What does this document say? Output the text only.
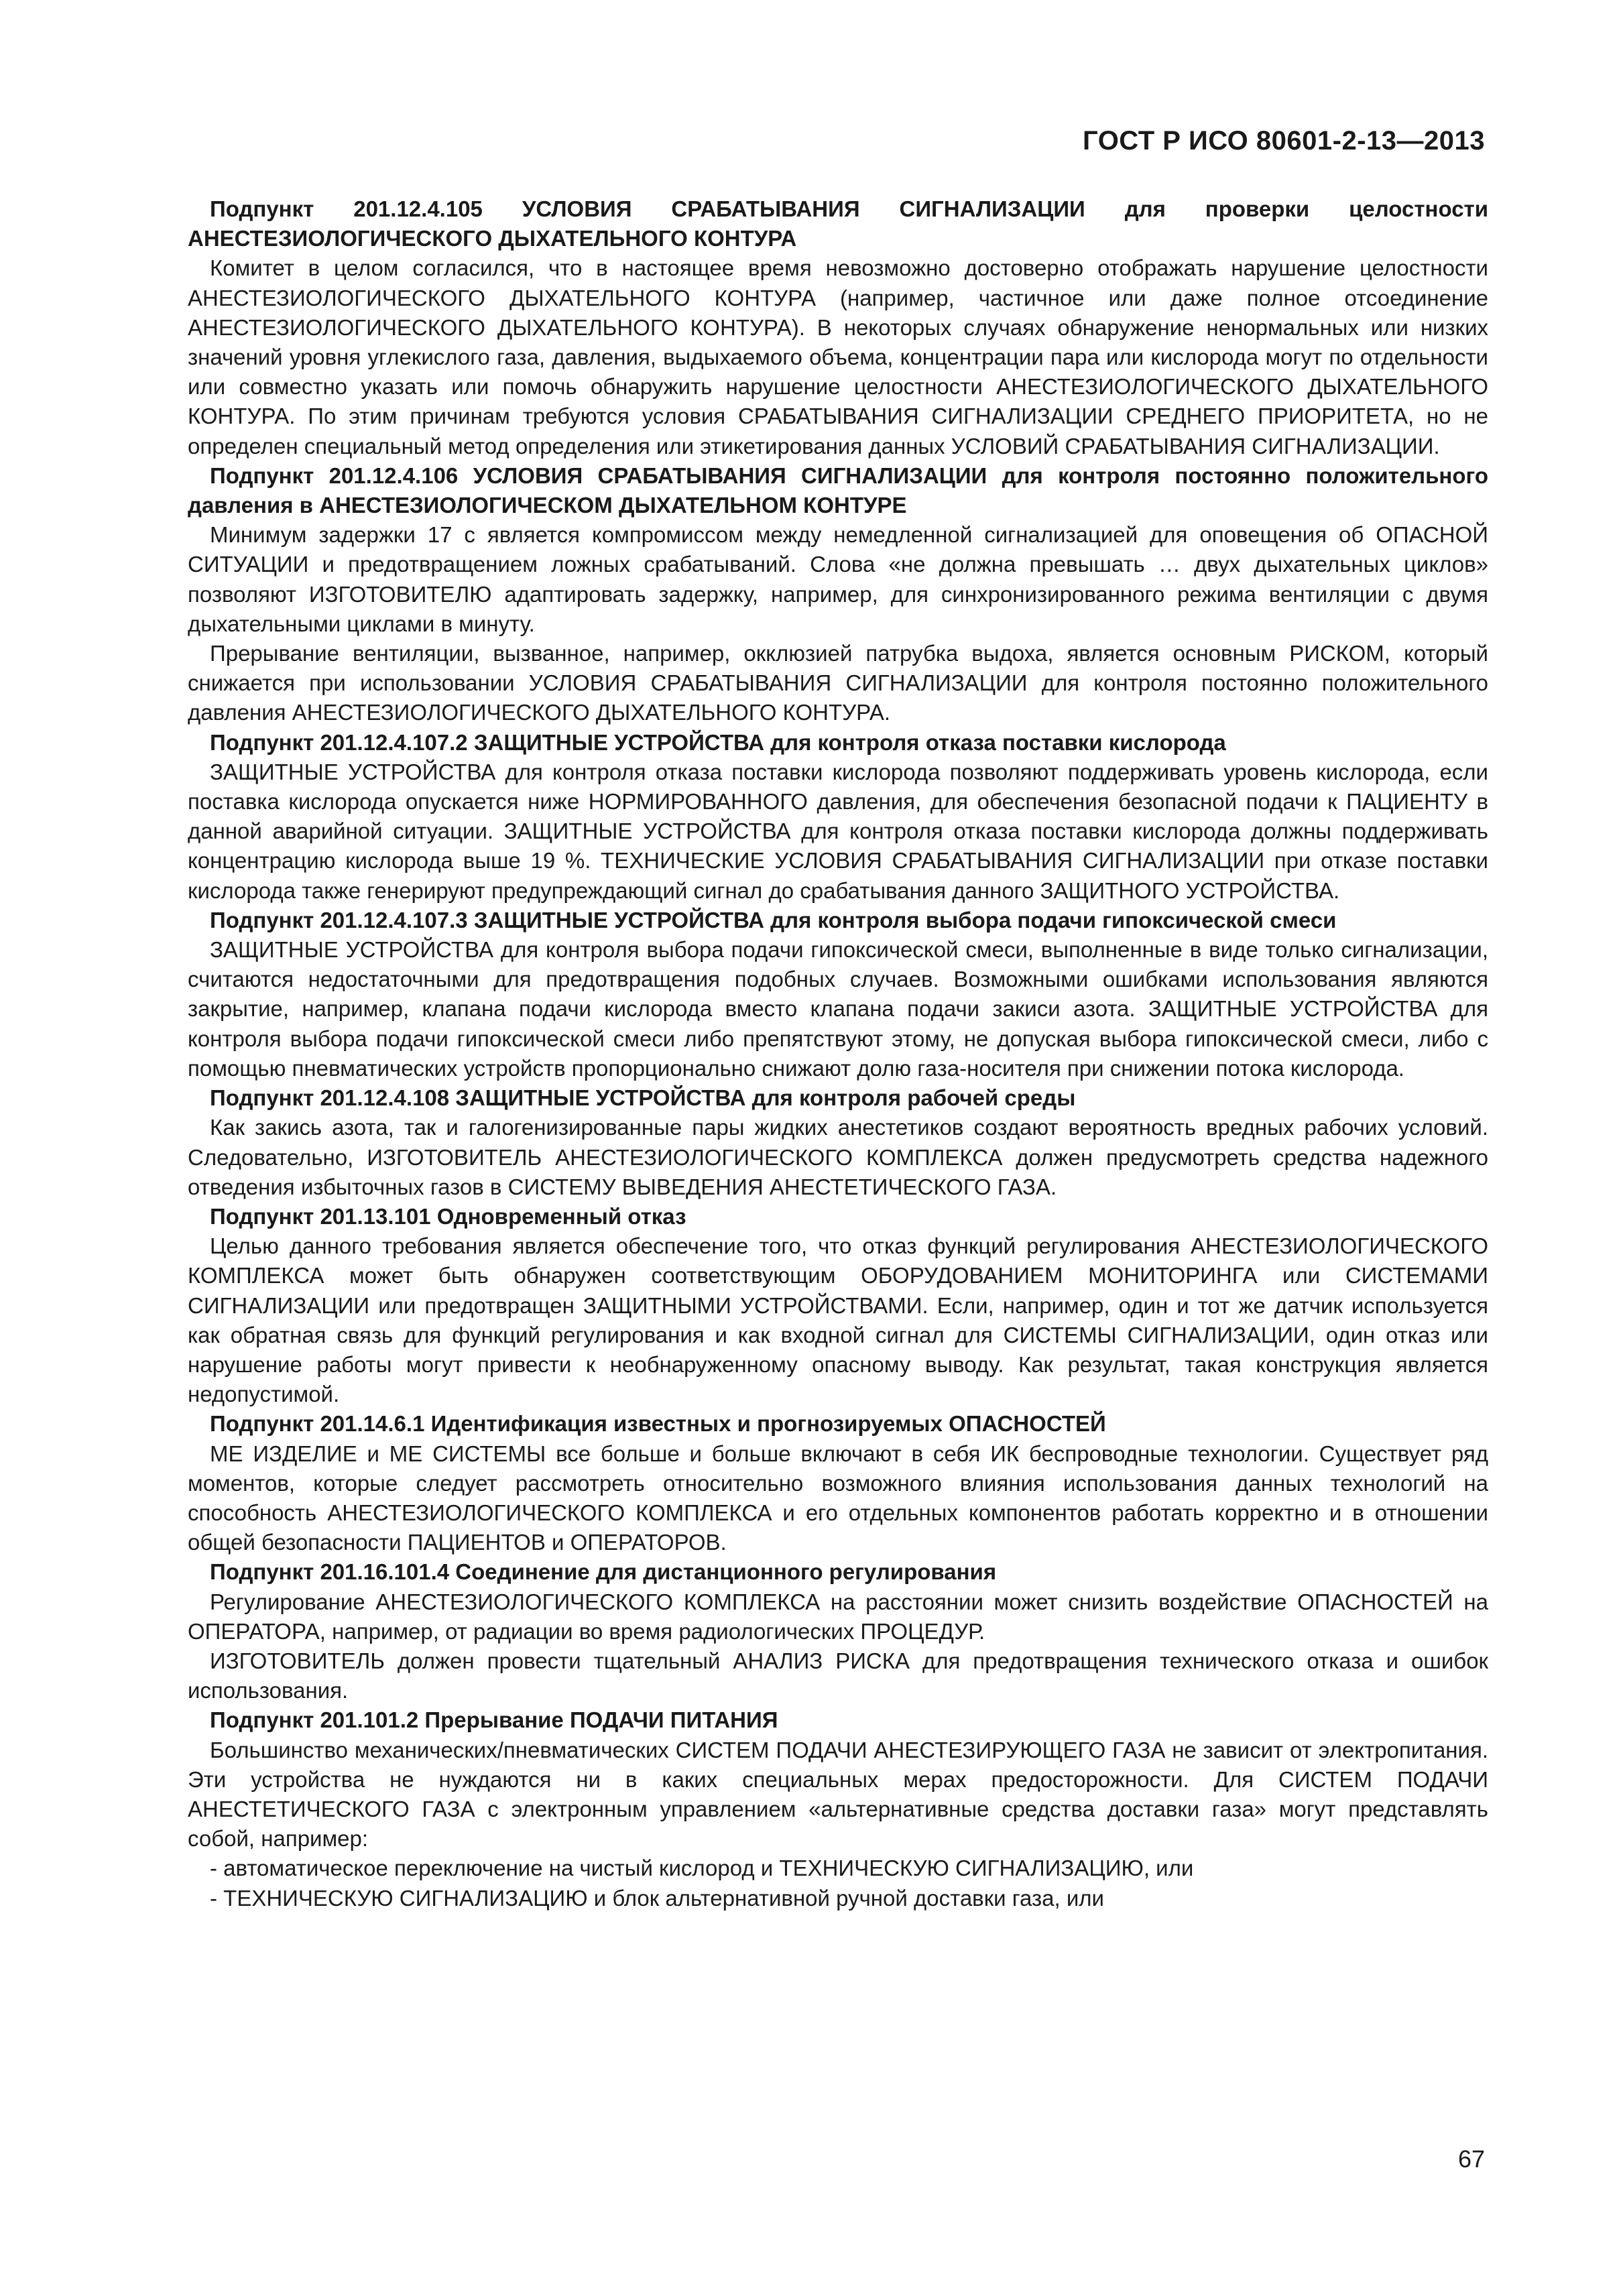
ГОСТ Р ИСО 80601-2-13—2013

Подпункт 201.12.4.105 УСЛОВИЯ СРАБАТЫВАНИЯ СИГНАЛИЗАЦИИ для проверки целостности АНЕСТЕЗИОЛОГИЧЕСКОГО ДЫХАТЕЛЬНОГО КОНТУРА

Комитет в целом согласился, что в настоящее время невозможно достоверно отображать нарушение целостности АНЕСТЕЗИОЛОГИЧЕСКОГО ДЫХАТЕЛЬНОГО КОНТУРА (например, частичное или даже полное отсоединение АНЕСТЕЗИОЛОГИЧЕСКОГО ДЫХАТЕЛЬНОГО КОНТУРА). В некоторых случаях обнаружение ненормальных или низких значений уровня углекислого газа, давления, выдыхаемого объема, концентрации пара или кислорода могут по отдельности или совместно указать или помочь обнаружить нарушение целостности АНЕСТЕЗИОЛОГИЧЕСКОГО ДЫХАТЕЛЬНОГО КОНТУРА. По этим причинам требуются условия СРАБАТЫВАНИЯ СИГНАЛИЗАЦИИ СРЕДНЕГО ПРИОРИТЕТА, но не определен специальный метод определения или этикетирования данных УСЛОВИЙ СРАБАТЫВАНИЯ СИГНАЛИЗАЦИИ.

Подпункт 201.12.4.106 УСЛОВИЯ СРАБАТЫВАНИЯ СИГНАЛИЗАЦИИ для контроля постоянно положительного давления в АНЕСТЕЗИОЛОГИЧЕСКОМ ДЫХАТЕЛЬНОМ КОНТУРЕ

Минимум задержки 17 с является компромиссом между немедленной сигнализацией для оповещения об ОПАСНОЙ СИТУАЦИИ и предотвращением ложных срабатываний. Слова «не должна превышать … двух дыхательных циклов» позволяют ИЗГОТОВИТЕЛЮ адаптировать задержку, например, для синхронизированного режима вентиляции с двумя дыхательными циклами в минуту.

Прерывание вентиляции, вызванное, например, окклюзией патрубка выдоха, является основным РИСКОМ, который снижается при использовании УСЛОВИЯ СРАБАТЫВАНИЯ СИГНАЛИЗАЦИИ для контроля постоянно положительного давления АНЕСТЕЗИОЛОГИЧЕСКОГО ДЫХАТЕЛЬНОГО КОНТУРА.

Подпункт 201.12.4.107.2 ЗАЩИТНЫЕ УСТРОЙСТВА для контроля отказа поставки кислорода

ЗАЩИТНЫЕ УСТРОЙСТВА для контроля отказа поставки кислорода позволяют поддерживать уровень кислорода, если поставка кислорода опускается ниже НОРМИРОВАННОГО давления, для обеспечения безопасной подачи к ПАЦИЕНТУ в данной аварийной ситуации. ЗАЩИТНЫЕ УСТРОЙСТВА для контроля отказа поставки кислорода должны поддерживать концентрацию кислорода выше 19 %. ТЕХНИЧЕСКИЕ УСЛОВИЯ СРАБАТЫВАНИЯ СИГНАЛИЗАЦИИ при отказе поставки кислорода также генерируют предупреждающий сигнал до срабатывания данного ЗАЩИТНОГО УСТРОЙСТВА.

Подпункт 201.12.4.107.3 ЗАЩИТНЫЕ УСТРОЙСТВА для контроля выбора подачи гипоксической смеси

ЗАЩИТНЫЕ УСТРОЙСТВА для контроля выбора подачи гипоксической смеси, выполненные в виде только сигнализации, считаются недостаточными для предотвращения подобных случаев. Возможными ошибками использования являются закрытие, например, клапана подачи кислорода вместо клапана подачи закиси азота. ЗАЩИТНЫЕ УСТРОЙСТВА для контроля выбора подачи гипоксической смеси либо препятствуют этому, не допуская выбора гипоксической смеси, либо с помощью пневматических устройств пропорционально снижают долю газа-носителя при снижении потока кислорода.

Подпункт 201.12.4.108 ЗАЩИТНЫЕ УСТРОЙСТВА для контроля рабочей среды

Как закись азота, так и галогенизированные пары жидких анестетиков создают вероятность вредных рабочих условий. Следовательно, ИЗГОТОВИТЕЛЬ АНЕСТЕЗИОЛОГИЧЕСКОГО КОМПЛЕКСА должен предусмотреть средства надежного отведения избыточных газов в СИСТЕМУ ВЫВЕДЕНИЯ АНЕСТЕТИЧЕСКОГО ГАЗА.

Подпункт 201.13.101 Одновременный отказ

Целью данного требования является обеспечение того, что отказ функций регулирования АНЕСТЕЗИОЛОГИЧЕСКОГО КОМПЛЕКСА может быть обнаружен соответствующим ОБОРУДОВАНИЕМ МОНИТОРИНГА или СИСТЕМАМИ СИГНАЛИЗАЦИИ или предотвращен ЗАЩИТНЫМИ УСТРОЙСТВАМИ. Если, например, один и тот же датчик используется как обратная связь для функций регулирования и как входной сигнал для СИСТЕМЫ СИГНАЛИЗАЦИИ, один отказ или нарушение работы могут привести к необнаруженному опасному выводу. Как результат, такая конструкция является недопустимой.

Подпункт 201.14.6.1 Идентификация известных и прогнозируемых ОПАСНОСТЕЙ

МЕ ИЗДЕЛИЕ и МЕ СИСТЕМЫ все больше и больше включают в себя ИК беспроводные технологии. Существует ряд моментов, которые следует рассмотреть относительно возможного влияния использования данных технологий на способность АНЕСТЕЗИОЛОГИЧЕСКОГО КОМПЛЕКСА и его отдельных компонентов работать корректно и в отношении общей безопасности ПАЦИЕНТОВ и ОПЕРАТОРОВ.

Подпункт 201.16.101.4 Соединение для дистанционного регулирования

Регулирование АНЕСТЕЗИОЛОГИЧЕСКОГО КОМПЛЕКСА на расстоянии может снизить воздействие ОПАСНОСТЕЙ на ОПЕРАТОРА, например, от радиации во время радиологических ПРОЦЕДУР.

ИЗГОТОВИТЕЛЬ должен провести тщательный АНАЛИЗ РИСКА для предотвращения технического отказа и ошибок использования.

Подпункт 201.101.2 Прерывание ПОДАЧИ ПИТАНИЯ

Большинство механических/пневматических СИСТЕМ ПОДАЧИ АНЕСТЕЗИРУЮЩЕГО ГАЗА не зависит от электропитания. Эти устройства не нуждаются ни в каких специальных мерах предосторожности. Для СИСТЕМ ПОДАЧИ АНЕСТЕТИЧЕСКОГО ГАЗА с электронным управлением «альтернативные средства доставки газа» могут представлять собой, например:

- автоматическое переключение на чистый кислород и ТЕХНИЧЕСКУЮ СИГНАЛИЗАЦИЮ, или

- ТЕХНИЧЕСКУЮ СИГНАЛИЗАЦИЮ и блок альтернативной ручной доставки газа, или

67
